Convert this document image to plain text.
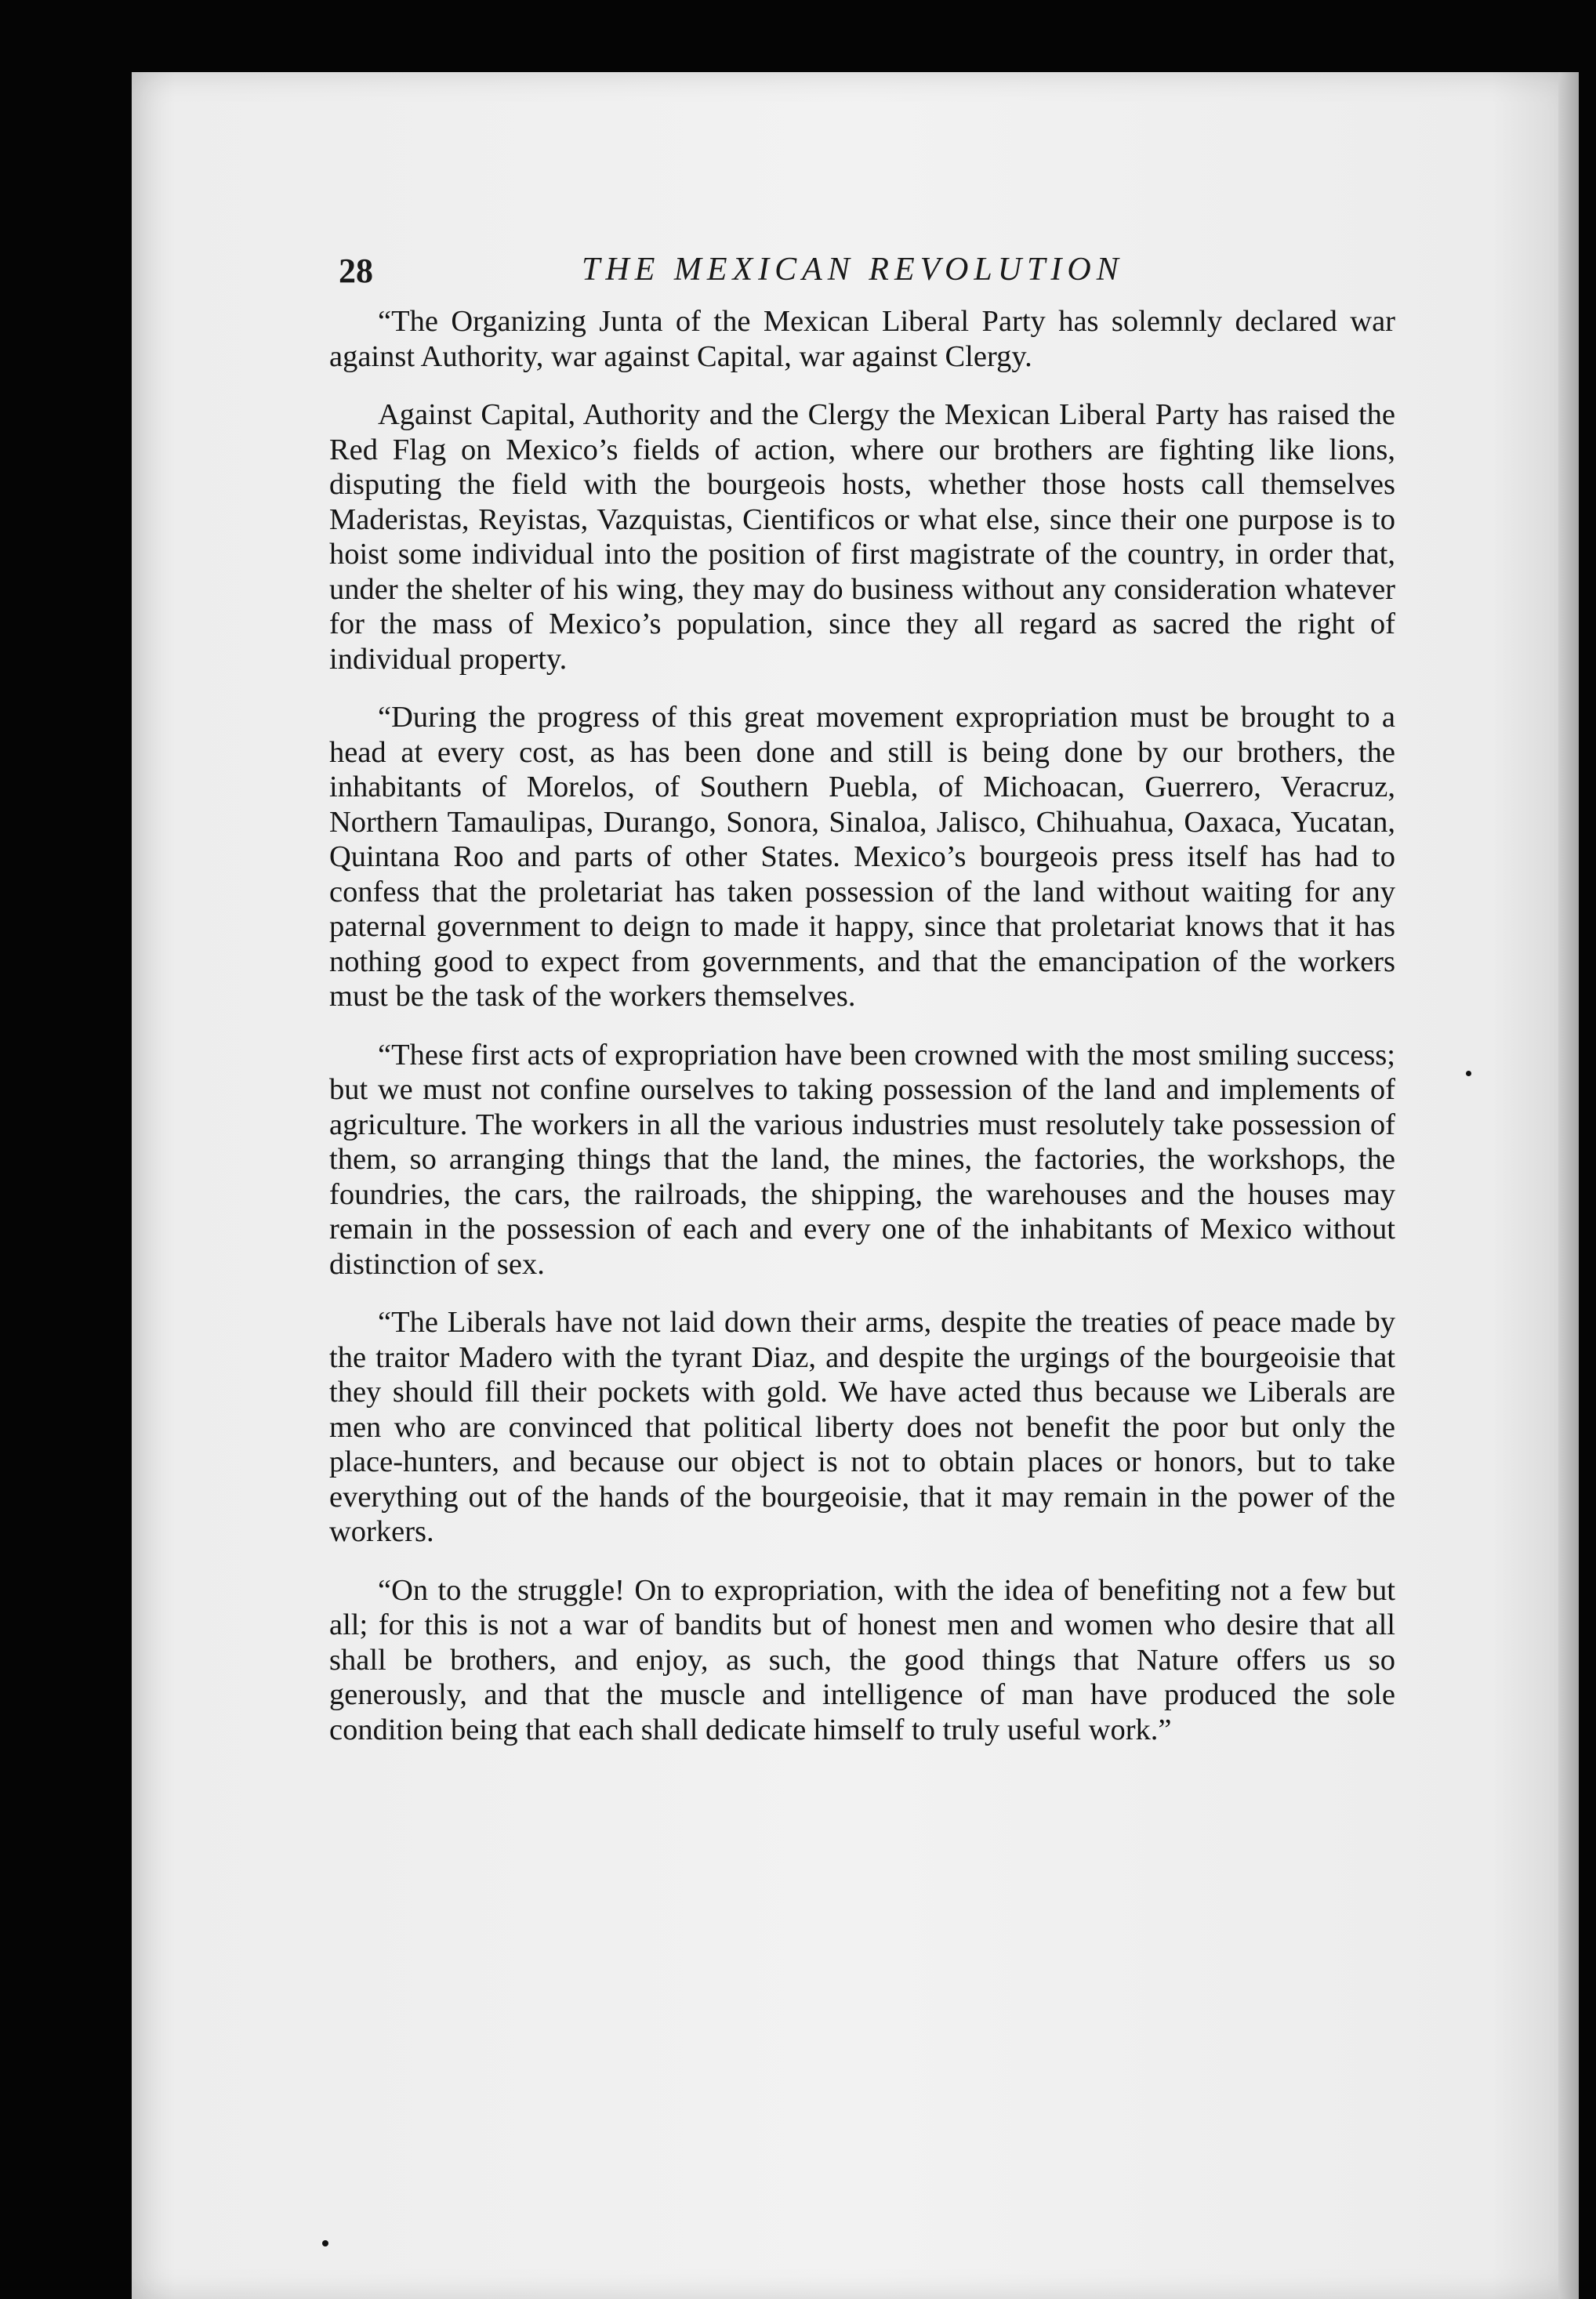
28	THE MEXICAN REVOLUTION

“The Organizing Junta of the Mexican Liberal Party has solemnly declared war against Authority, war against Capital, war against Clergy.

Against Capital, Authority and the Clergy the Mexican Liberal Party has raised the Red Flag on Mexico’s fields of action, where our brothers are fighting like lions, disputing the field with the bourgeois hosts, whether those hosts call themselves Maderistas, Reyistas, Vazquistas, Cientificos or what else, since their one purpose is to hoist some individual into the position of first magistrate of the country, in order that, under the shelter of his wing, they may do business without any consideration whatever for the mass of Mexico’s population, since they all regard as sacred the right of individual property.

“During the progress of this great movement expropriation must be brought to a head at every cost, as has been done and still is being done by our brothers, the inhabitants of Morelos, of Southern Puebla, of Michoacan, Guerrero, Veracruz, Northern Tamaulipas, Durango, Sonora, Sinaloa, Jalisco, Chihuahua, Oaxaca, Yucatan, Quintana Roo and parts of other States. Mexico’s bourgeois press itself has had to confess that the proletariat has taken possession of the land without waiting for any paternal government to deign to made it happy, since that proletariat knows that it has nothing good to expect from governments, and that the emancipation of the workers must be the task of the workers themselves.

“These first acts of expropriation have been crowned with the most smiling success; but we must not confine ourselves to taking possession of the land and implements of agriculture. The workers in all the various industries must resolutely take possession of them, so arranging things that the land, the mines, the factories, the workshops, the foundries, the cars, the railroads, the shipping, the warehouses and the houses may remain in the possession of each and every one of the inhabitants of Mexico without distinction of sex.

“The Liberals have not laid down their arms, despite the treaties of peace made by the traitor Madero with the tyrant Diaz, and despite the urgings of the bourgeoisie that they should fill their pockets with gold. We have acted thus because we Liberals are men who are convinced that political liberty does not benefit the poor but only the place-hunters, and because our object is not to obtain places or honors, but to take everything out of the hands of the bourgeoisie, that it may remain in the power of the workers.

“On to the struggle! On to expropriation, with the idea of benefiting not a few but all; for this is not a war of bandits but of honest men and women who desire that all shall be brothers, and enjoy, as such, the good things that Nature offers us so generously, and that the muscle and intelligence of man have produced the sole condition being that each shall dedicate himself to truly useful work.”
